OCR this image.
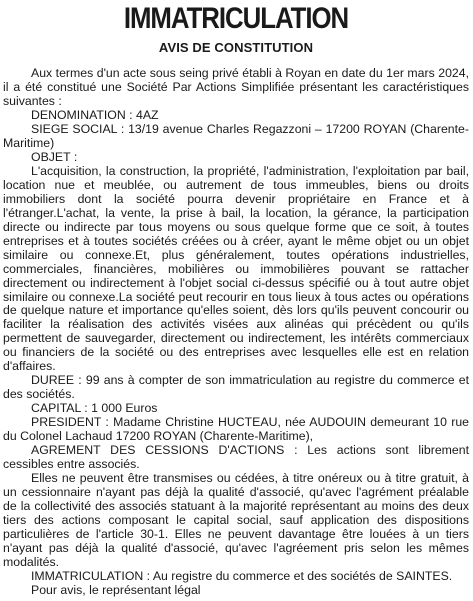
IMMATRICULATION
AVIS DE CONSTITUTION

Aux termes d'un acte sous seing privé établi à Royan en date du 1er mars 2024, il a été constitué une Société Par Actions Simplifiée présentant les caractéristiques suivantes :

DENOMINATION : 4AZ

SIEGE SOCIAL : 13/19 avenue Charles Regazzoni – 17200 ROYAN (Charente-Maritime)

OBJET :

L'acquisition, la construction, la propriété, l'administration, l'exploitation par bail, location nue et meublée, ou autrement de tous immeubles, biens ou droits immobiliers dont la société pourra devenir propriétaire en France et à l'étranger.L'achat, la vente, la prise à bail, la location, la gérance, la participation directe ou indirecte par tous moyens ou sous quelque forme que ce soit, à toutes entreprises et à toutes sociétés créées ou à créer, ayant le même objet ou un objet similaire ou connexe.Et, plus généralement, toutes opérations industrielles, commerciales, financières, mobilières ou immobilières pouvant se rattacher directement ou indirectement à l'objet social ci-dessus spécifié ou à tout autre objet similaire ou connexe.La société peut recourir en tous lieux à tous actes ou opérations de quelque nature et importance qu'elles soient, dès lors qu'ils peuvent concourir ou faciliter la réalisation des activités visées aux alinéas qui précèdent ou qu'ils permettent de sauvegarder, directement ou indirectement, les intérêts commerciaux ou financiers de la société ou des entreprises avec lesquelles elle est en relation d'affaires.

DUREE : 99 ans à compter de son immatriculation au registre du commerce et des sociétés.

CAPITAL : 1 000 Euros

PRESIDENT : Madame Christine HUCTEAU, née AUDOUIN demeurant 10 rue du Colonel Lachaud 17200 ROYAN (Charente-Maritime),

AGREMENT DES CESSIONS D'ACTIONS : Les actions sont librement cessibles entre associés.

Elles ne peuvent être transmises ou cédées, à titre onéreux ou à titre gratuit, à un cessionnaire n'ayant pas déjà la qualité d'associé, qu'avec l'agrément préalable de la collectivité des associés statuant à la majorité représentant au moins des deux tiers des actions composant le capital social, sauf application des dispositions particulières de l'article 30-1. Elles ne peuvent davantage être louées à un tiers n'ayant pas déjà la qualité d'associé, qu'avec l'agréement pris selon les mêmes modalités.

IMMATRICULATION : Au registre du commerce et des sociétés de SAINTES.

Pour avis, le représentant légal
